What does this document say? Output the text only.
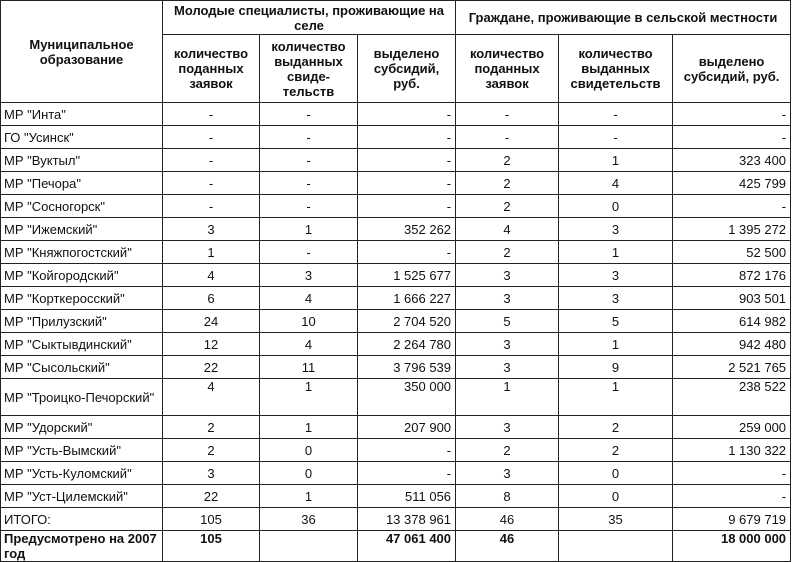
Муниципальное образование	Молодые специалисты, проживающие на селе			Граждане, проживающие в сельской местности		
	количество поданных заявок	количество выданных свиде-тельств	выделено субсидий, руб.	количество поданных заявок	количество выданных свидетельств	выделено субсидий, руб.
МР "Инта"	-	-	-	-	-	-
ГО "Усинск"	-	-	-	-	-	-
МР "Вуктыл"	-	-	-	2	1	323 400
МР "Печора"	-	-	-	2	4	425 799
МР "Сосногорск"	-	-	-	2	0	-
МР "Ижемский"	3	1	352 262	4	3	1 395 272
МР "Княжпогостский"	1	-	-	2	1	52 500
МР "Койгородский"	4	3	1 525 677	3	3	872 176
МР "Корткеросский"	6	4	1 666 227	3	3	903 501
МР "Прилузский"	24	10	2 704 520	5	5	614 982
МР "Сыктывдинский"	12	4	2 264 780	3	1	942 480
МР "Сысольский"	22	11	3 796 539	3	9	2 521 765
МР "Троицко-Печорский"	4	1	350 000	1	1	238 522
МР "Удорский"	2	1	207 900	3	2	259 000
МР "Усть-Вымский"	2	0	-	2	2	1 130 322
МР "Усть-Куломский"	3	0	-	3	0	-
МР "Уст-Цилемский"	22	1	511 056	8	0	-
ИТОГО:	105	36	13 378 961	46	35	9 679 719
Предусмотрено на 2007 год	105		47 061 400	46		18 000 000
